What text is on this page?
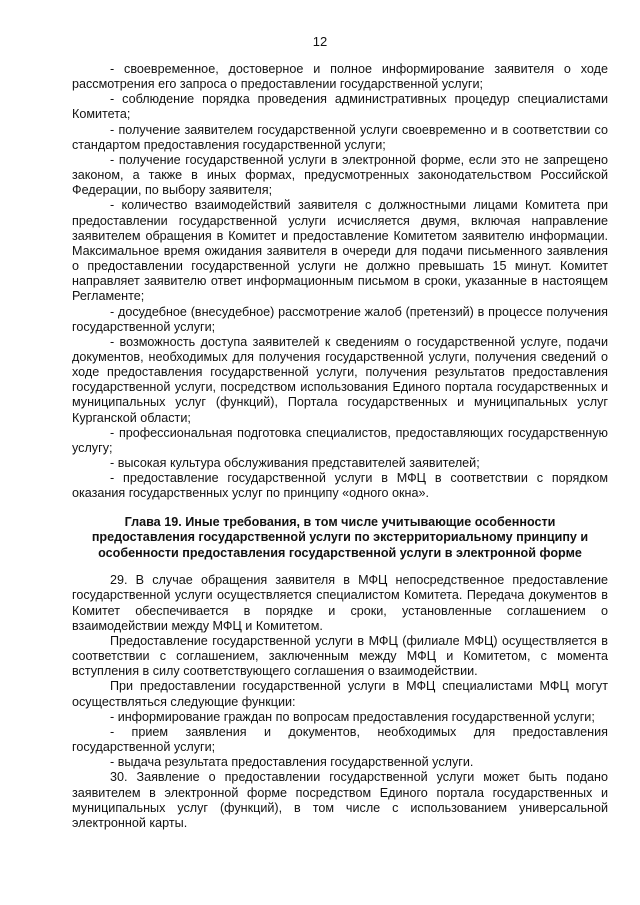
12

- своевременное, достоверное и полное информирование заявителя о ходе рассмотрения его запроса о предоставлении государственной услуги;

- соблюдение порядка проведения административных процедур специалистами Комитета;

- получение заявителем государственной услуги своевременно и в соответствии со стандартом предоставления государственной услуги;

- получение государственной услуги в электронной форме, если это не запрещено законом, а также в иных формах, предусмотренных законодательством Российской Федерации, по выбору заявителя;

- количество взаимодействий заявителя с должностными лицами Комитета при предоставлении государственной услуги исчисляется двумя, включая направление заявителем обращения в Комитет и предоставление Комитетом заявителю информации. Максимальное время ожидания заявителя в очереди для подачи письменного заявления о предоставлении государственной услуги не должно превышать 15 минут. Комитет направляет заявителю ответ информационным письмом в сроки, указанные в настоящем Регламенте;

- досудебное (внесудебное) рассмотрение жалоб (претензий) в процессе получения государственной услуги;

- возможность доступа заявителей к сведениям о государственной услуге, подачи документов, необходимых для получения государственной услуги, получения сведений о ходе предоставления государственной услуги, получения результатов предоставления государственной услуги, посредством использования Единого портала государственных и муниципальных услуг (функций), Портала государственных и муниципальных услуг Курганской области;

- профессиональная подготовка специалистов, предоставляющих государственную услугу;

- высокая культура обслуживания представителей заявителей;

- предоставление государственной услуги в МФЦ в соответствии с порядком оказания государственных услуг по принципу «одного окна».

Глава 19. Иные требования, в том числе учитывающие особенности предоставления государственной услуги по экстерриториальному принципу и особенности предоставления государственной услуги в электронной форме

29. В случае обращения заявителя в МФЦ непосредственное предоставление государственной услуги осуществляется специалистом Комитета. Передача документов в Комитет обеспечивается в порядке и сроки, установленные соглашением о взаимодействии между МФЦ и Комитетом.

Предоставление государственной услуги в МФЦ (филиале МФЦ) осуществляется в соответствии с соглашением, заключенным между МФЦ и Комитетом, с момента вступления в силу соответствующего соглашения о взаимодействии.

При предоставлении государственной услуги в МФЦ специалистами МФЦ могут осуществляться следующие функции:

- информирование граждан по вопросам предоставления государственной услуги;

- прием заявления и документов, необходимых для предоставления государственной услуги;

- выдача результата предоставления государственной услуги.

30. Заявление о предоставлении государственной услуги может быть подано заявителем в электронной форме посредством Единого портала государственных и муниципальных услуг (функций), в том числе с использованием универсальной электронной карты.
